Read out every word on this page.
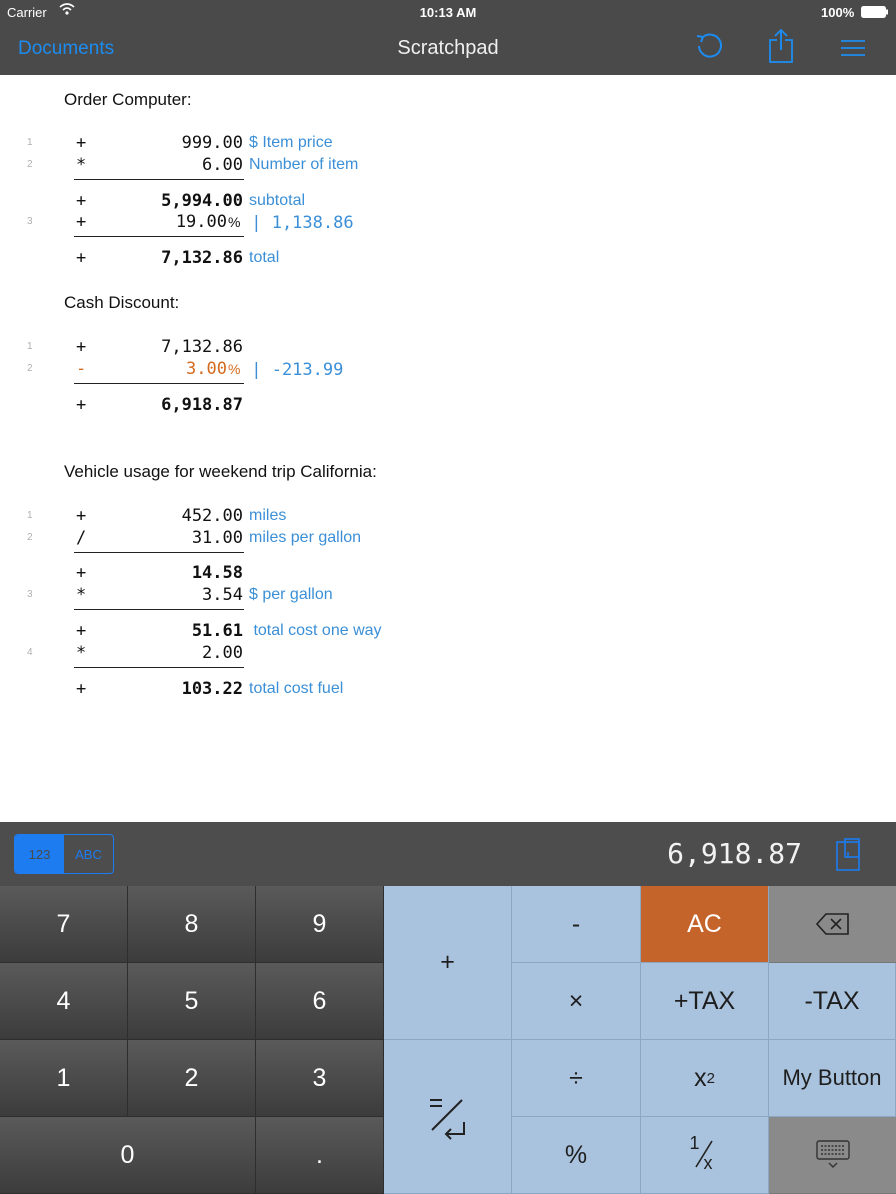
Carrier	10:13 AM	100%
Documents	Scratchpad
Order Computer:
1	+	999.00 $ Item price
2	*	6.00 Number of item
+	5,994.00 subtotal
3	+	19.00 % | 1,138.86
+	7,132.86 total
Cash Discount:
1	+	7,132.86
2	-	3.00 % | -213.99
+	6,918.87
Vehicle usage for weekend trip California:
1	+	452.00 miles
2	/	31.00 miles per gallon
+	14.58
3	*	3.54 $ per gallon
+	51.61 total cost one way
4	*	2.00
+	103.22 total cost fuel
123	ABC	6,918.87
7	8	9
4	5	6
1	2	3
0	.
+
-
×
÷
%
AC
+TAX
x 2
1
x
-TAX
My Button
